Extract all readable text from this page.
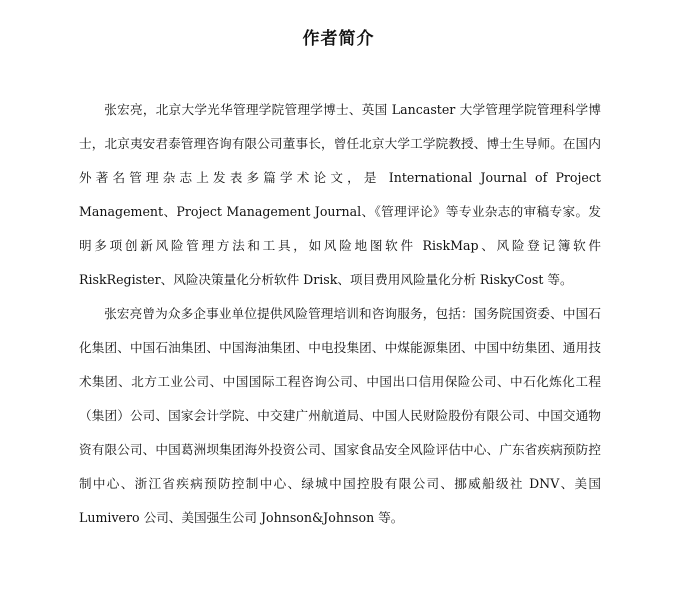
作者简介

张宏亮，北京大学光华管理学院管理学博士、英国 Lancaster 大学管理学院管理科学博士，北京夷安君泰管理咨询有限公司董事长，曾任北京大学工学院教授、博士生导师。在国内外著名管理杂志上发表多篇学术论文，是 International Journal of Project Management、Project Management Journal、《管理评论》等专业杂志的审稿专家。发明多项创新风险管理方法和工具，如风险地图软件 RiskMap、风险登记簿软件 RiskRegister、风险决策量化分析软件 Drisk、项目费用风险量化分析 RiskyCost 等。

张宏亮曾为众多企事业单位提供风险管理培训和咨询服务，包括：国务院国资委、中国石化集团、中国石油集团、中国海油集团、中电投集团、中煤能源集团、中国中纺集团、通用技术集团、北方工业公司、中国国际工程咨询公司、中国出口信用保险公司、中石化炼化工程（集团）公司、国家会计学院、中交建广州航道局、中国人民财险股份有限公司、中国交通物资有限公司、中国葛洲坝集团海外投资公司、国家食品安全风险评估中心、广东省疾病预防控制中心、浙江省疾病预防控制中心、绿城中国控股有限公司、挪威船级社 DNV、美国 Lumivero 公司、美国强生公司 Johnson&Johnson 等。
